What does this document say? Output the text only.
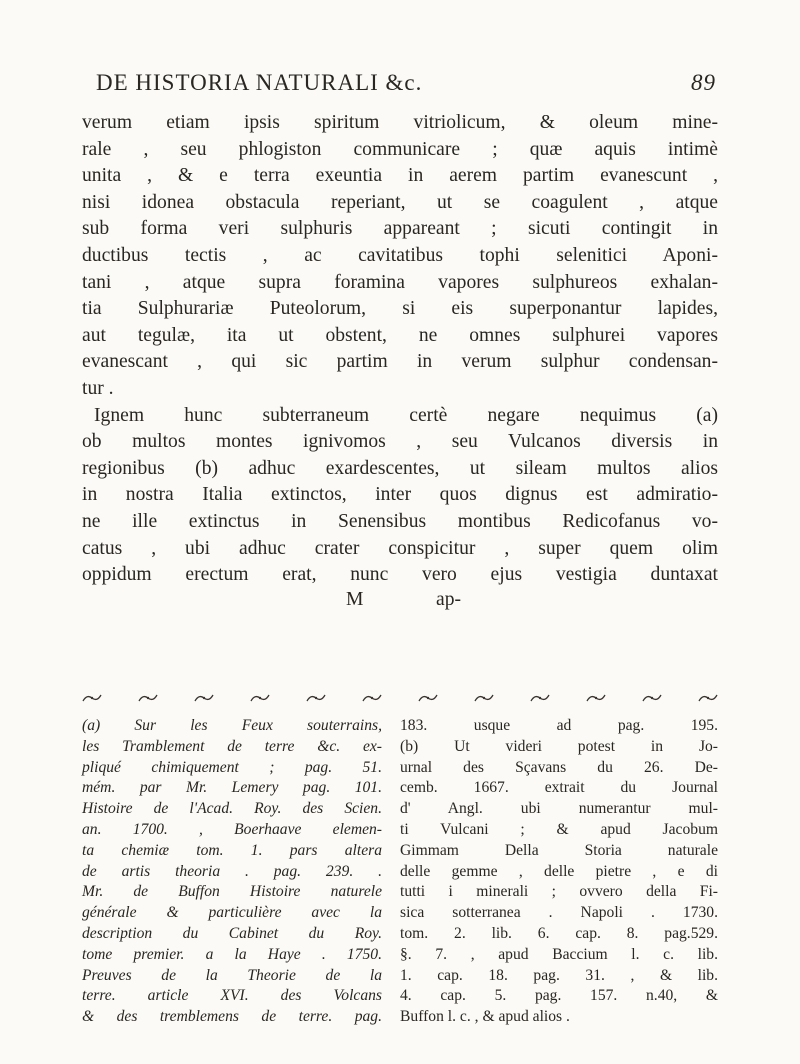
DE HISTORIA NATURALI &c.	89
verum etiam ipsis spiritum vitriolicum, & oleum mine-
rale , seu phlogiston communicare ; quæ aquis intimè
unita , & e terra exeuntia in aerem partim evanescunt ,
nisi idonea obstacula reperiant, ut se coagulent , atque
sub forma veri sulphuris appareant ; sicuti contingit in
ductibus tectis , ac cavitatibus tophi selenitici Aponi-
tani , atque supra foramina vapores sulphureos exhalan-
tia Sulphurariæ Puteolorum, si eis superponantur lapides,
aut tegulæ, ita ut obstent, ne omnes sulphurei vapores
evanescant , qui sic partim in verum sulphur condensan-
tur .
Ignem hunc subterraneum certè negare nequimus (a)
ob multos montes ignivomos , seu Vulcanos diversis in
regionibus (b) adhuc exardescentes, ut sileam multos alios
in nostra Italia extinctos, inter quos dignus est admiratio-
ne ille extinctus in Senensibus montibus Redicofanus vo-
catus , ubi adhuc crater conspicitur , super quem olim
oppidum erectum erat, nunc vero ejus vestigia duntaxat
M	ap-
(a) Sur les Feux souterrains,
les Tramblement de terre &c. ex-
pliqué chimiquement ; pag. 51.
mém. par Mr. Lemery pag. 101.
Histoire de l'Acad. Roy. des Scien.
an. 1700. , Boerhaave elemen-
ta chemiæ tom. 1. pars altera
de artis theoria . pag. 239. .
Mr. de Buffon Histoire naturele
générale & particulière avec la
description du Cabinet du Roy.
tome premier. a la Haye . 1750.
Preuves de la Theorie de la
terre. article XVI. des Volcans
& des tremblemens de terre. pag.
183. usque ad pag. 195.
(b) Ut videri potest in Jo-
urnal des Sçavans du 26. De-
cemb. 1667. extrait du Journal
d' Angl. ubi numerantur mul-
ti Vulcani ; & apud Jacobum
Gimmam Della Storia naturale
delle gemme , delle pietre , e di
tutti i minerali ; ovvero della Fi-
sica sotterranea . Napoli . 1730.
tom. 2. lib. 6. cap. 8. pag.529.
§. 7. , apud Baccium l. c. lib.
1. cap. 18. pag. 31. , & lib.
4. cap. 5. pag. 157. n.40, &
Buffon l. c. , & apud alios .
